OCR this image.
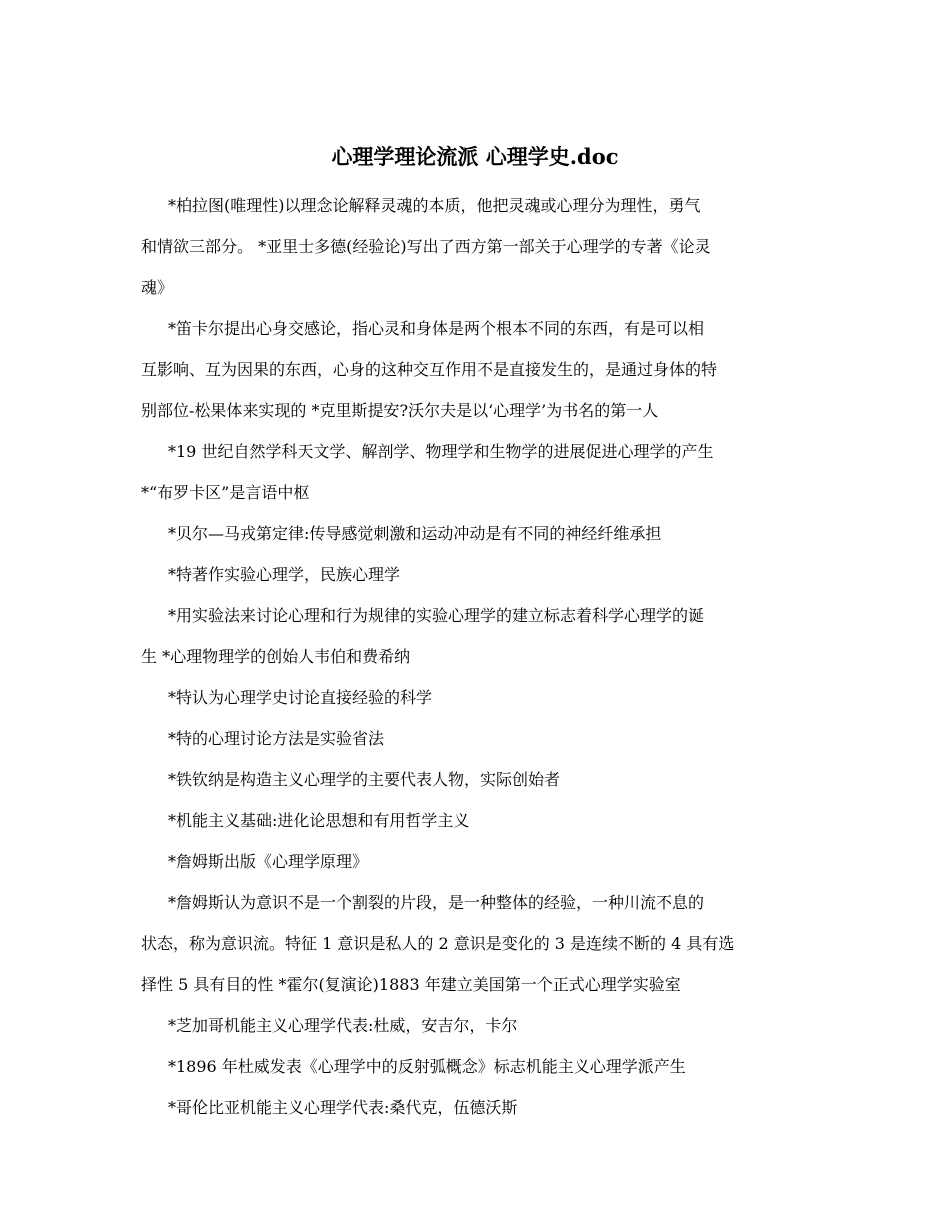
心理学理论流派 心理学史.doc

*柏拉图(唯理性)以理念论解释灵魂的本质，他把灵魂或心理分为理性，勇气

和情欲三部分。 *亚里士多德(经验论)写出了西方第一部关于心理学的专著《论灵

魂》

*笛卡尔提出心身交感论，指心灵和身体是两个根本不同的东西，有是可以相

互影响、互为因果的东西，心身的这种交互作用不是直接发生的，是通过身体的特

别部位-松果体来实现的 *克里斯提安?沃尔夫是以‘心理学’为书名的第一人

*19 世纪自然学科天文学、解剖学、物理学和生物学的进展促进心理学的产生

*“布罗卡区”是言语中枢

*贝尔—马戎第定律:传导感觉刺激和运动冲动是有不同的神经纤维承担

*特著作实验心理学，民族心理学

*用实验法来讨论心理和行为规律的实验心理学的建立标志着科学心理学的诞

生 *心理物理学的创始人韦伯和费希纳

*特认为心理学史讨论直接经验的科学

*特的心理讨论方法是实验省法

*铁钦纳是构造主义心理学的主要代表人物，实际创始者

*机能主义基础:进化论思想和有用哲学主义

*詹姆斯出版《心理学原理》

*詹姆斯认为意识不是一个割裂的片段，是一种整体的经验，一种川流不息的

状态，称为意识流。特征 1 意识是私人的 2 意识是变化的 3 是连续不断的 4 具有选

择性 5 具有目的性 *霍尔(复演论)1883 年建立美国第一个正式心理学实验室

*芝加哥机能主义心理学代表:杜威，安吉尔，卡尔

*1896 年杜威发表《心理学中的反射弧概念》标志机能主义心理学派产生

*哥伦比亚机能主义心理学代表:桑代克，伍德沃斯
